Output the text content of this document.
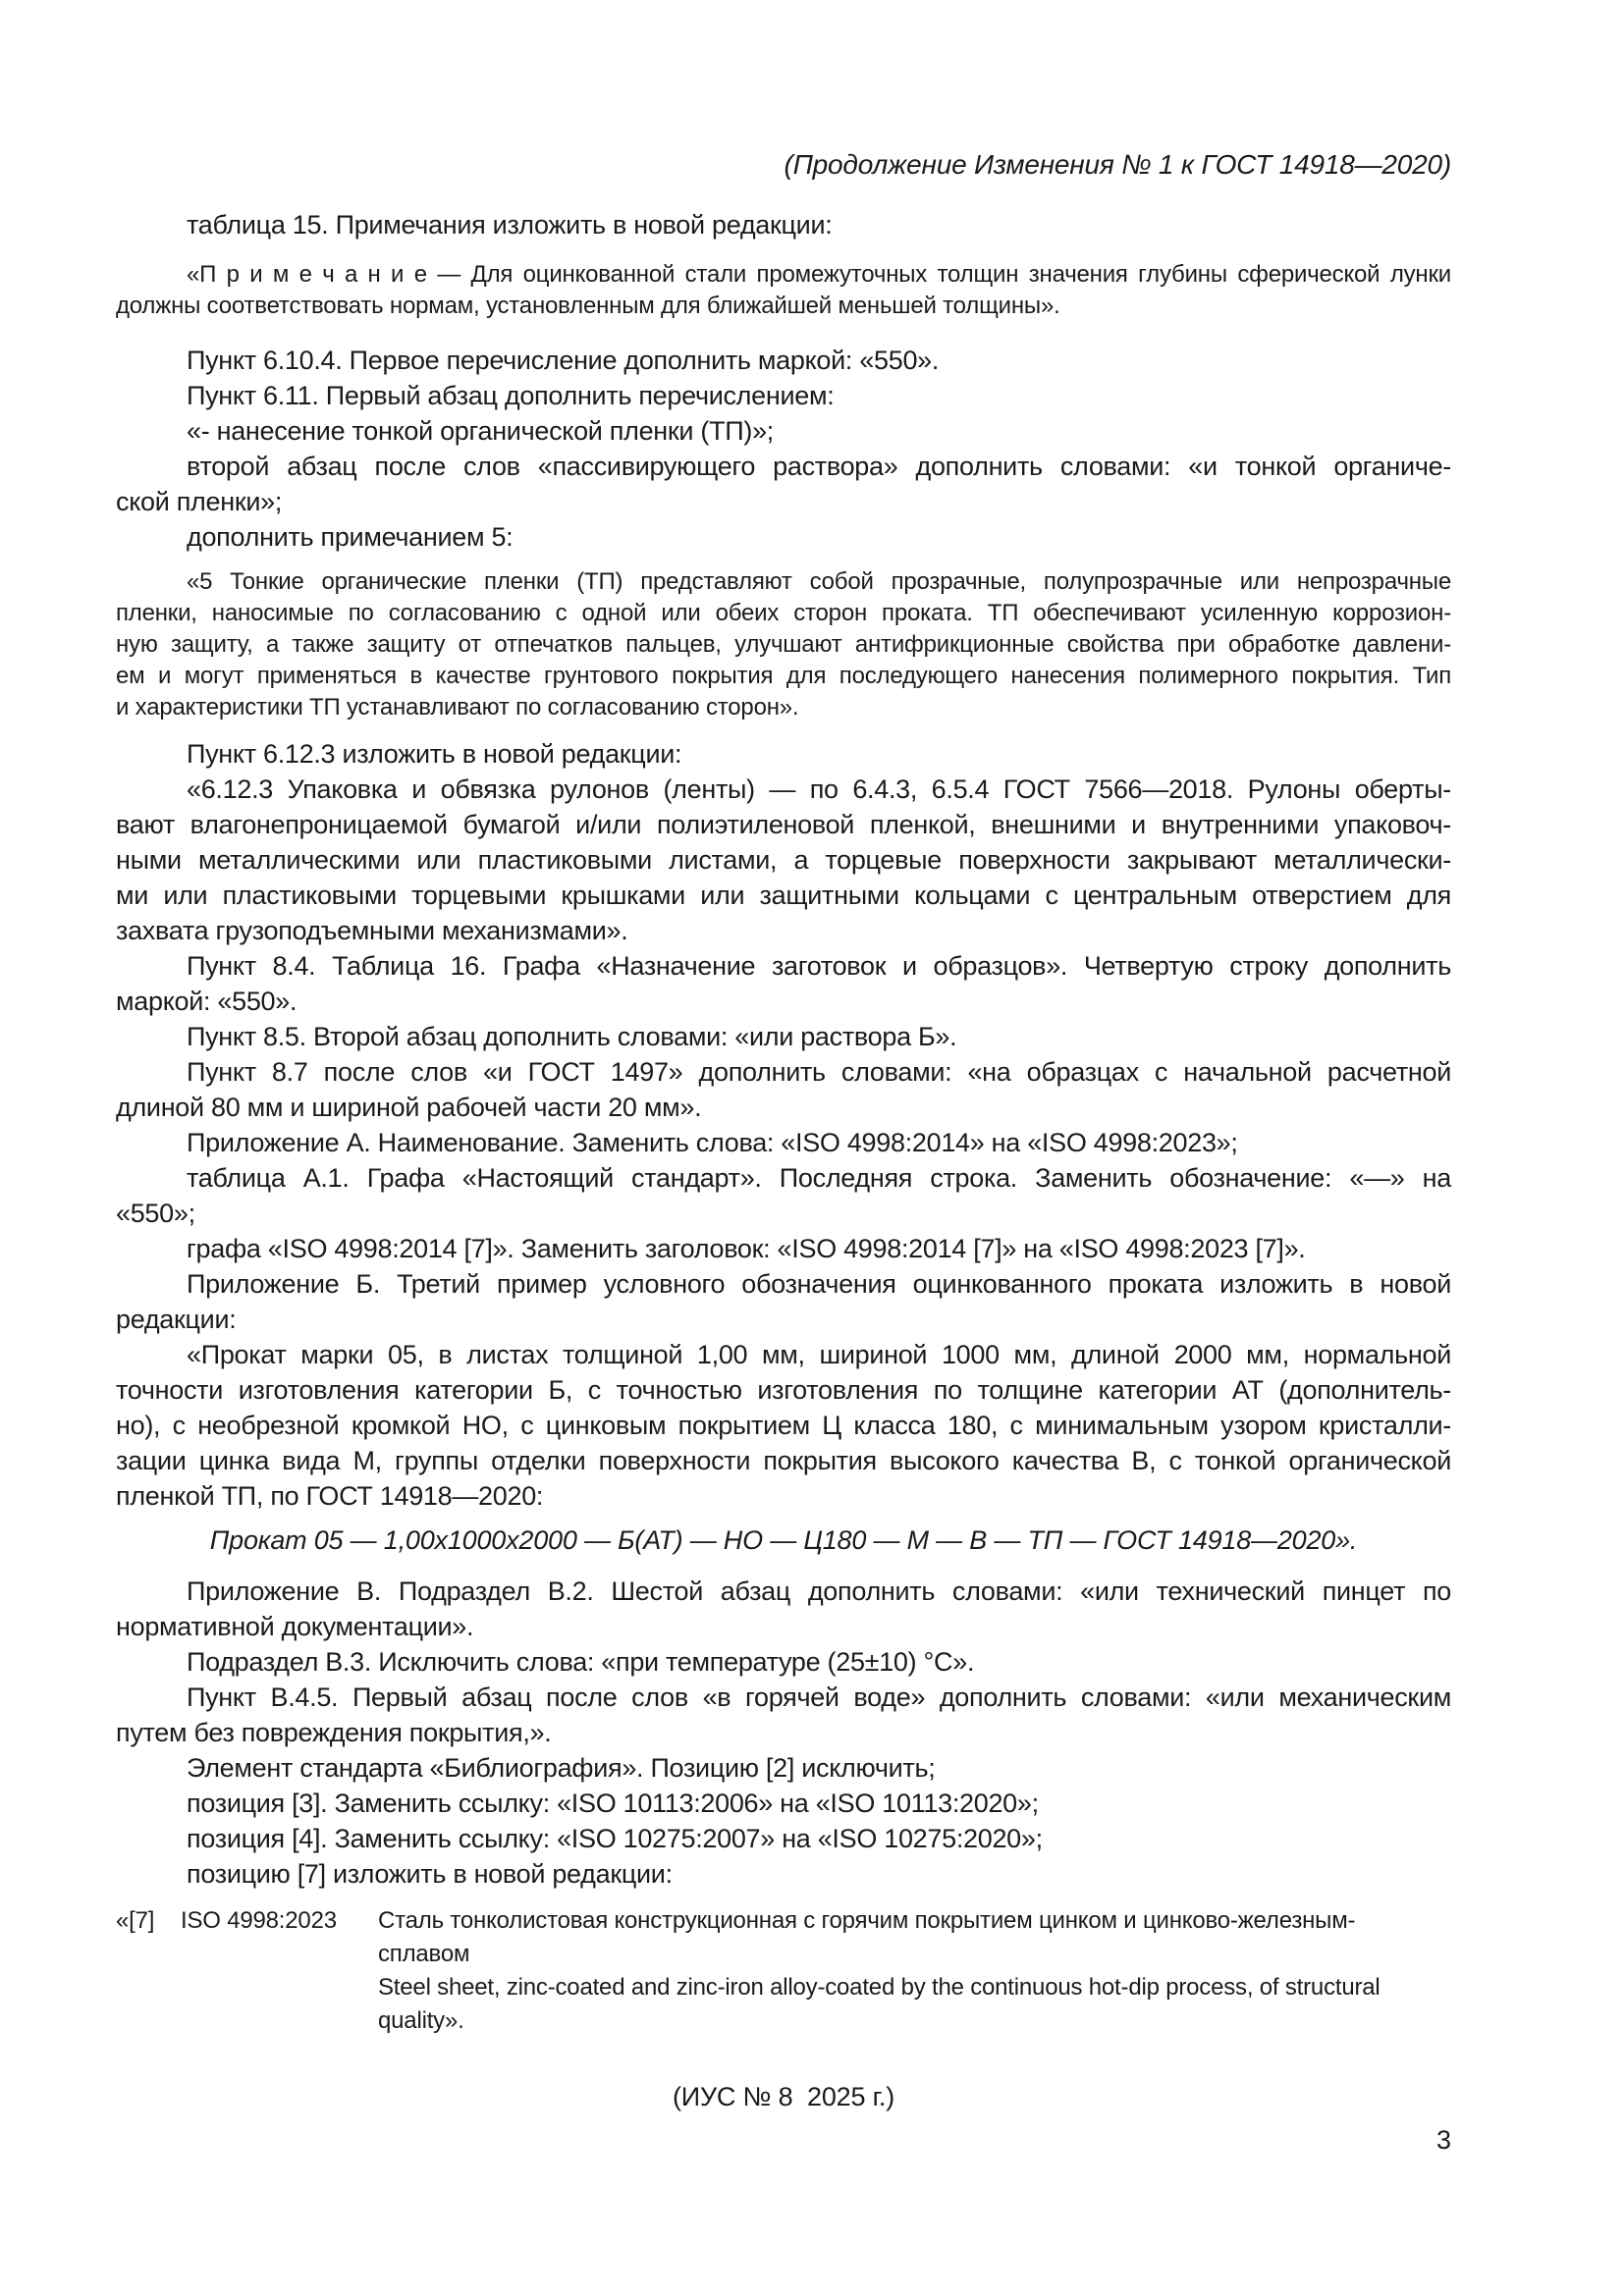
(Продолжение Изменения № 1 к ГОСТ 14918—2020)
таблица 15. Примечания изложить в новой редакции:
«П р и м е ч а н и е — Для оцинкованной стали промежуточных толщин значения глубины сферической лунки
должны соответствовать нормам, установленным для ближайшей меньшей толщины».
Пункт 6.10.4. Первое перечисление дополнить маркой: «550».
Пункт 6.11. Первый абзац дополнить перечислением:
«- нанесение тонкой органической пленки (ТП)»;
второй абзац после слов «пассивирующего раствора» дополнить словами: «и тонкой органиче-
ской пленки»;
дополнить примечанием 5:
«5 Тонкие органические пленки (ТП) представляют собой прозрачные, полупрозрачные или непрозрачные
пленки, наносимые по согласованию с одной или обеих сторон проката. ТП обеспечивают усиленную коррозион-
ную защиту, а также защиту от отпечатков пальцев, улучшают антифрикционные свойства при обработке давлени-
ем и могут применяться в качестве грунтового покрытия для последующего нанесения полимерного покрытия. Тип
и характеристики ТП устанавливают по согласованию сторон».
Пункт 6.12.3 изложить в новой редакции:
«6.12.3 Упаковка и обвязка рулонов (ленты) — по 6.4.3, 6.5.4 ГОСТ 7566—2018. Рулоны оберты-
вают влагонепроницаемой бумагой и/или полиэтиленовой пленкой, внешними и внутренними упаковоч-
ными металлическими или пластиковыми листами, а торцевые поверхности закрывают металлически-
ми или пластиковыми торцевыми крышками или защитными кольцами с центральным отверстием для
захвата грузоподъемными механизмами».
Пункт 8.4. Таблица 16. Графа «Назначение заготовок и образцов». Четвертую строку дополнить
маркой: «550».
Пункт 8.5. Второй абзац дополнить словами: «или раствора Б».
Пункт 8.7 после слов «и ГОСТ 1497» дополнить словами: «на образцах с начальной расчетной
длиной 80 мм и шириной рабочей части 20 мм».
Приложение А. Наименование. Заменить слова: «ISO 4998:2014» на «ISO 4998:2023»;
таблица А.1. Графа «Настоящий стандарт». Последняя строка. Заменить обозначение: «—» на
«550»;
графа «ISO 4998:2014 [7]». Заменить заголовок: «ISO 4998:2014 [7]» на «ISO 4998:2023 [7]».
Приложение Б. Третий пример условного обозначения оцинкованного проката изложить в новой
редакции:
«Прокат марки 05, в листах толщиной 1,00 мм, шириной 1000 мм, длиной 2000 мм, нормальной
точности изготовления категории Б, с точностью изготовления по толщине категории АТ (дополнитель-
но), с необрезной кромкой НО, с цинковым покрытием Ц класса 180, с минимальным узором кристалли-
зации цинка вида М, группы отделки поверхности покрытия высокого качества В, с тонкой органической
пленкой ТП, по ГОСТ 14918—2020:
Прокат 05 — 1,00х1000х2000 — Б(АТ) — НО — Ц180 — М — В — ТП — ГОСТ 14918—2020».
Приложение В. Подраздел В.2. Шестой абзац дополнить словами: «или технический пинцет по
нормативной документации».
Подраздел В.3. Исключить слова: «при температуре (25±10) °С».
Пункт В.4.5. Первый абзац после слов «в горячей воде» дополнить словами: «или механическим
путем без повреждения покрытия,».
Элемент стандарта «Библиография». Позицию [2] исключить;
позиция [3]. Заменить ссылку: «ISO 10113:2006» на «ISO 10113:2020»;
позиция [4]. Заменить ссылку: «ISO 10275:2007» на «ISO 10275:2020»;
позицию [7] изложить в новой редакции:
«[7]	ISO 4998:2023	Сталь тонколистовая конструкционная с горячим покрытием цинком и цинково-железным-
сплавом
Steel sheet, zinc-coated and zinc-iron alloy-coated by the continuous hot-dip process, of structural
quality».
(ИУС № 8  2025 г.)
3
